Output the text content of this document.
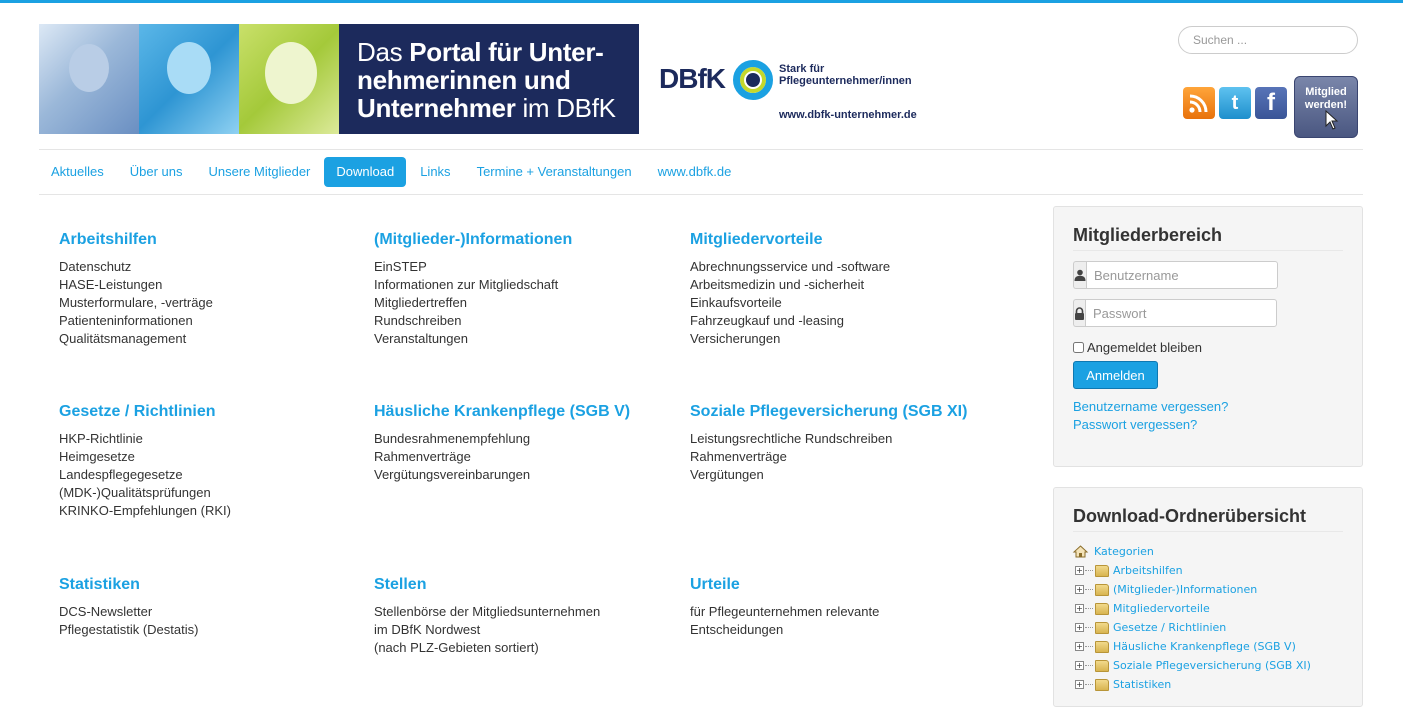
Das Portal für Unter-
nehmerinnen und
Unternehmer im DBfK
DBfK	Stark für
Pflegeunternehmer/innen
www.dbfk-unternehmer.de
Suchen ...
t	f	Mitglied
werden!
Aktuelles	Über uns	Unsere Mitglieder	Download	Links	Termine + Veranstaltungen	www.dbfk.de
Arbeitshilfen
Datenschutz
HASE-Leistungen
Musterformulare, -verträge
Patienteninformationen
Qualitätsmanagement
(Mitglieder-)Informationen
EinSTEP
Informationen zur Mitgliedschaft
Mitgliedertreffen
Rundschreiben
Veranstaltungen
Mitgliedervorteile
Abrechnungsservice und -software
Arbeitsmedizin und -sicherheit
Einkaufsvorteile
Fahrzeugkauf und -leasing
Versicherungen
Gesetze / Richtlinien
HKP-Richtlinie
Heimgesetze
Landespflegegesetze
(MDK-)Qualitätsprüfungen
KRINKO-Empfehlungen (RKI)
Häusliche Krankenpflege (SGB V)
Bundesrahmenempfehlung
Rahmenverträge
Vergütungsvereinbarungen
Soziale Pflegeversicherung (SGB XI)
Leistungsrechtliche Rundschreiben
Rahmenverträge
Vergütungen
Statistiken
DCS-Newsletter
Pflegestatistik (Destatis)
Stellen
Stellenbörse der Mitgliedsunternehmen
im DBfK Nordwest
(nach PLZ-Gebieten sortiert)
Urteile
für Pflegeunternehmen relevante
Entscheidungen
Mitgliederbereich
Benutzername
Angemeldet bleiben
Anmelden
Benutzername vergessen?
Passwort vergessen?
Download-Ordnerübersicht
Kategorien
+	Arbeitshilfen
+	(Mitglieder-)Informationen
+	Mitgliedervorteile
+	Gesetze / Richtlinien
+	Häusliche Krankenpflege (SGB V)
+	Soziale Pflegeversicherung (SGB XI)
+	Statistiken
